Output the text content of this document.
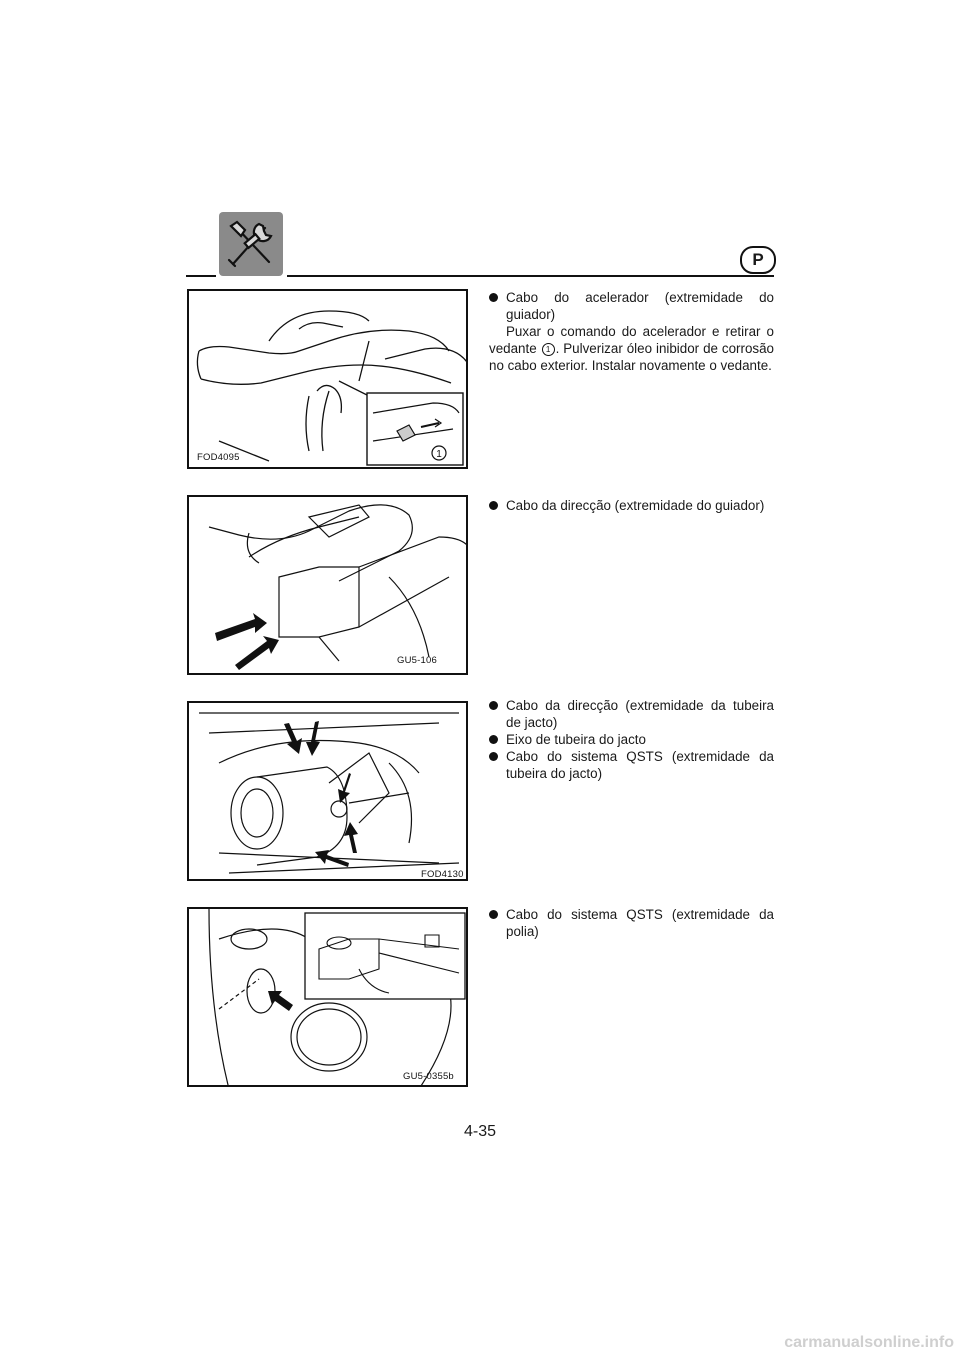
P
1
FOD4095

Cabo do acelerador (extremidade do guiador)

Puxar o comando do acelerador e retirar o vedante 1 . Pulverizar óleo inibidor de corrosão no cabo exterior. Instalar novamente o vedante.

GU5-106

Cabo da direcção (extremidade do guiador)

FOD4130

Cabo da direcção (extremidade da tubeira de jacto)

Eixo de tubeira do jacto

Cabo do sistema QSTS (extremidade da tubeira do jacto)

GU5-0355b

Cabo do sistema QSTS (extremidade da polia)

4-35
carmanualsonline.info
